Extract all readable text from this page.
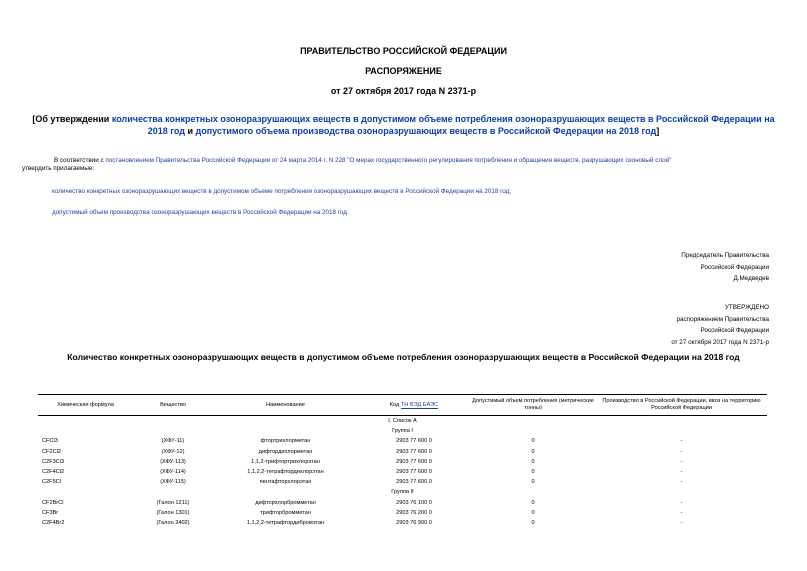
ПРАВИТЕЛЬСТВО РОССИЙСКОЙ ФЕДЕРАЦИИ
РАСПОРЯЖЕНИЕ
от 27 октября 2017 года N 2371-р
[Об утверждении количества конкретных озоноразрушающих веществ в допустимом объеме потребления озоноразрушающих веществ в Российской Федерации на 2018 год и допустимого объема производства озоноразрушающих веществ в Российской Федерации на 2018 год]
В соответствии с постановлением Правительства Российской Федерации от 24 марта 2014 г. N 228 "О мерах государственного регулирования потребления и обращения веществ, разрушающих озоновый слой"
утвердить прилагаемые:
количество конкретных озоноразрушающих веществ в допустимом объеме потребления озоноразрушающих веществ в Российской Федерации на 2018 год;
допустимый объем производства озоноразрушающих веществ в Российской Федерации на 2018 год.
Председатель Правительства
Российской Федерации
Д.Медведев
УТВЕРЖДЕНО
распоряжением Правительства
Российской Федерации
от 27 октября 2017 года N 2371-р
Количество конкретных озоноразрушающих веществ в допустимом объеме потребления озоноразрушающих веществ в Российской Федерации на 2018 год
Химическая формула	Вещество	Наименование	Код ТН ВЭД ЕАЭС	Допустимый объем потребления (метрические тонны)	Производство в Российской Федерации, ввоз на территорию Российской Федерации
I. Список А					
Группа I					
CFCl3	(ХФУ-11)	фтортрихлорметан	2903 77 600 0	0	-
CF2Cl2	(ХФУ-12)	дифтордихлорметан	2903 77 600 0	0	-
C2F3Cl3	(ХФУ-113)	1,1,2-трифтортрихлорэтан	2903 77 600 0	0	-
C2F4Cl2	(ХФУ-114)	1,1,2,2-тетрафтордихлорэтан	2903 77 600 0	0	-
C2F5Cl	(ХФУ-115)	пентафторхлорэтан	2903 77 600 0	0	-
Группа II					
CF2BrCl	(Галон 1211)	дифторхлорбромметан	2903 76 100 0	0	-
CF3Br	(Галон 1301)	трифторбромметан	2903 76 200 0	0	-
C2F4Br2	(Галон 2402)	1,1,2,2-тетрафтордибромэтан	2903 76 900 0	0	-
